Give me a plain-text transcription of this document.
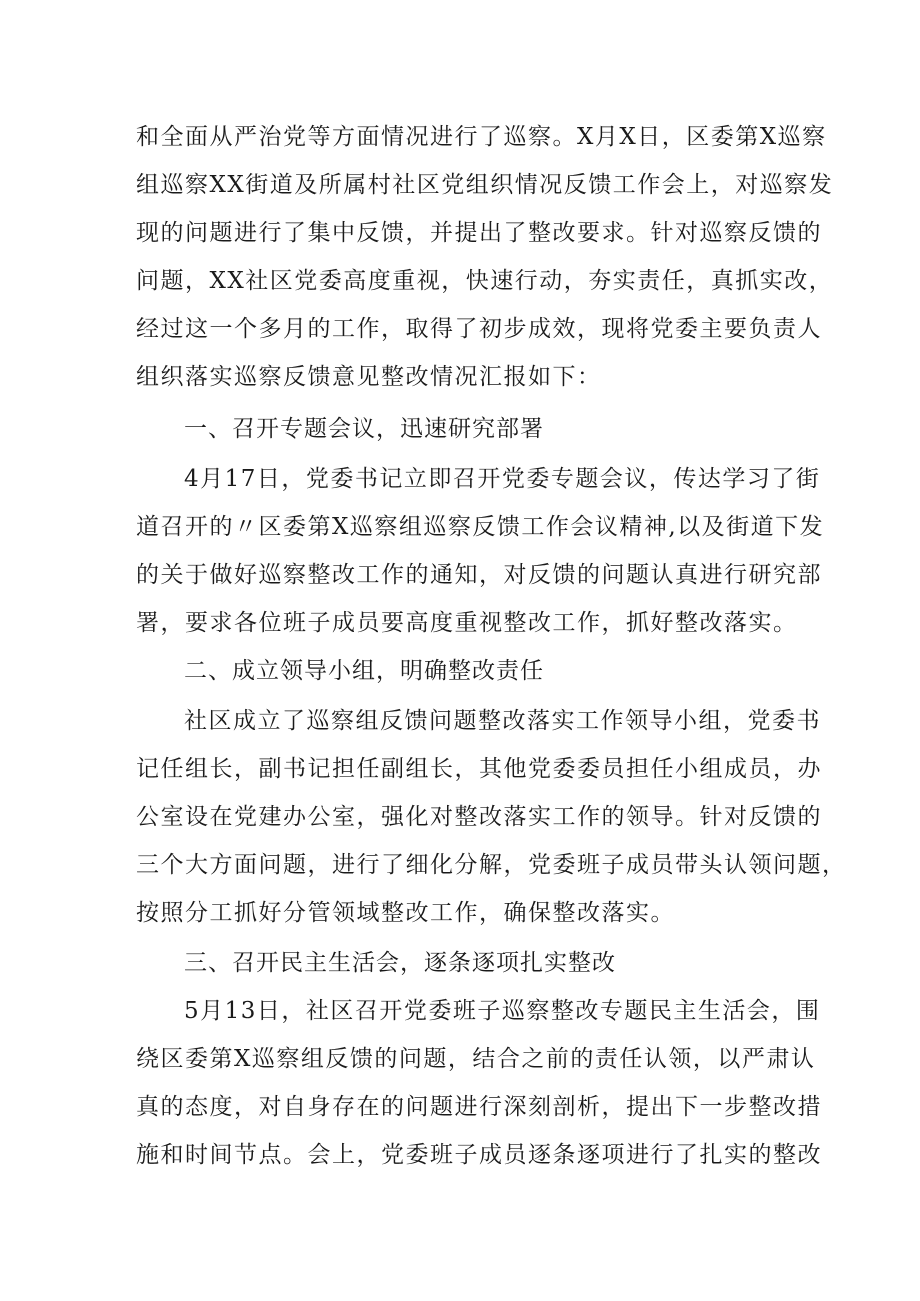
和全面从严治党等方面情况进行了巡察。X月X日，区委第X巡察
组巡察XX街道及所属村社区党组织情况反馈工作会上，对巡察发
现的问题进行了集中反馈，并提出了整改要求。针对巡察反馈的
问题，XX社区党委高度重视，快速行动，夯实责任，真抓实改，
经过这一个多月的工作，取得了初步成效，现将党委主要负责人
组织落实巡察反馈意见整改情况汇报如下：
一、召开专题会议，迅速研究部署
4月17日，党委书记立即召开党委专题会议，传达学习了街
道召开的〃区委第X巡察组巡察反馈工作会议精神,以及街道下发
的关于做好巡察整改工作的通知，对反馈的问题认真进行研究部
署，要求各位班子成员要高度重视整改工作，抓好整改落实。
二、成立领导小组，明确整改责任
社区成立了巡察组反馈问题整改落实工作领导小组，党委书
记任组长，副书记担任副组长，其他党委委员担任小组成员，办
公室设在党建办公室，强化对整改落实工作的领导。针对反馈的
三个大方面问题，进行了细化分解，党委班子成员带头认领问题，
按照分工抓好分管领域整改工作，确保整改落实。
三、召开民主生活会，逐条逐项扎实整改
5月13日，社区召开党委班子巡察整改专题民主生活会，围
绕区委第X巡察组反馈的问题，结合之前的责任认领，以严肃认
真的态度，对自身存在的问题进行深刻剖析，提出下一步整改措
施和时间节点。会上，党委班子成员逐条逐项进行了扎实的整改
